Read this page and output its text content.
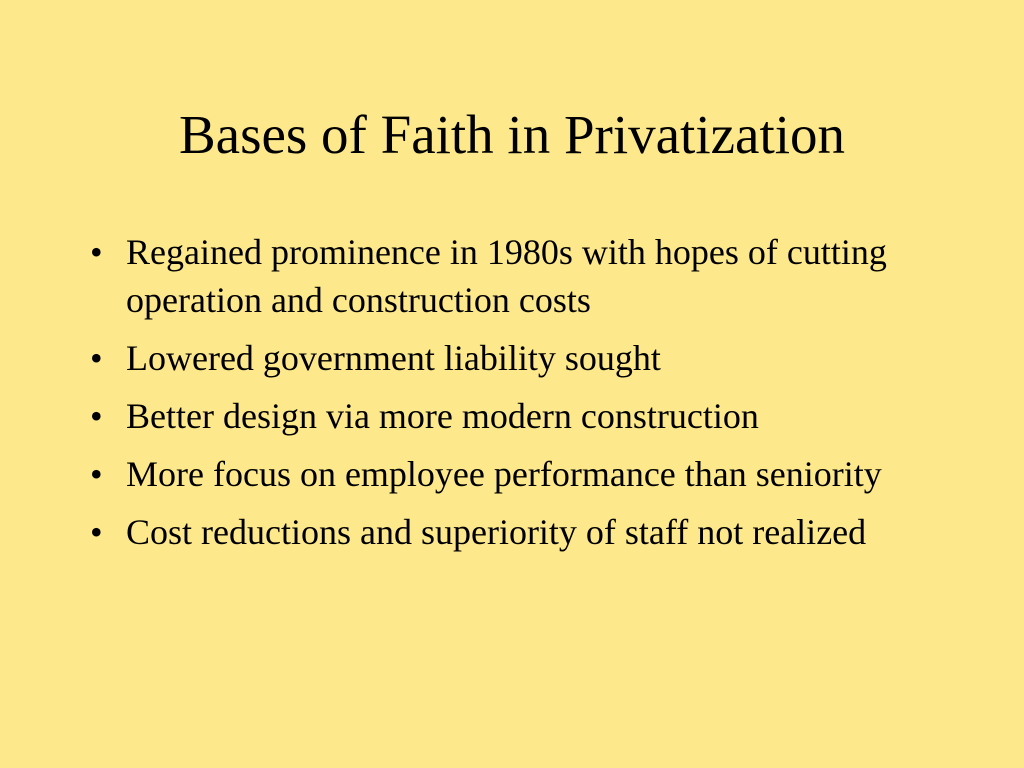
Bases of Faith in Privatization
• Regained prominence in 1980s with hopes of cutting operation and construction costs
• Lowered government liability sought
• Better design via more modern construction
• More focus on employee performance than seniority
• Cost reductions and superiority of staff not realized
